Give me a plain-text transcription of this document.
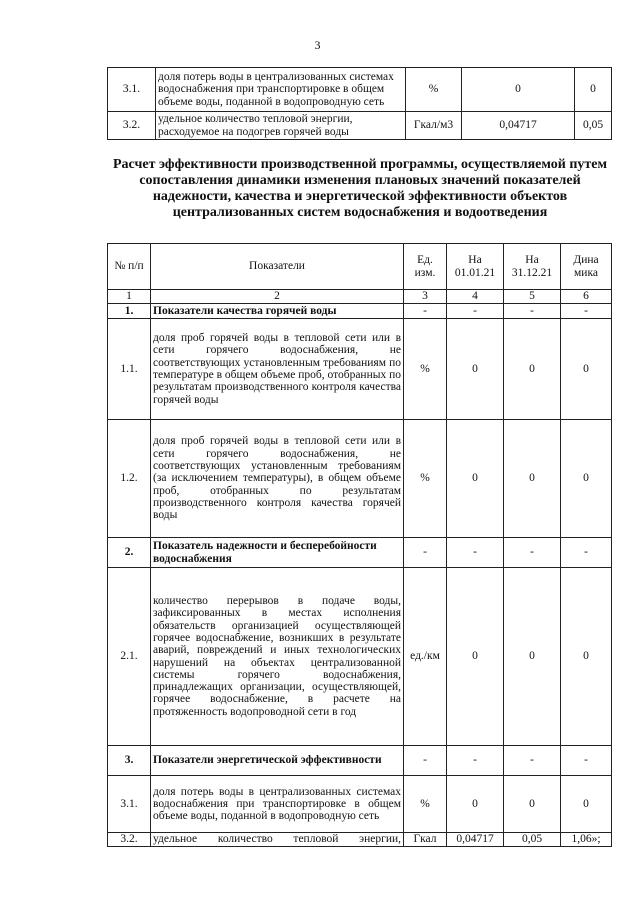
3
3.1.	доля потерь воды в централизованных системах водоснабжения при транспортировке в общем объеме воды, поданной в водопроводную сеть	%	0	0
3.2.	удельное количество тепловой энергии, расходуемое на подогрев горячей воды	Гкал/м3	0,04717	0,05
Расчет эффективности производственной программы, осуществляемой путем сопоставления динамики изменения плановых значений показателей надежности, качества и энергетической эффективности объектов централизованных систем водоснабжения и водоотведения
№ п/п	Показатели	Ед. изм.	На 01.01.21	На 31.12.21	Дина мика
1	2	3	4	5	6
1.	Показатели качества горячей воды	-	-	-	-
1.1.	доля проб горячей воды в тепловой сети или в сети горячего водоснабжения, не соответствующих установленным требованиям по температуре в общем объеме проб, отобранных по результатам производственного контроля качества горячей воды	%	0	0	0
1.2.	доля проб горячей воды в тепловой сети или в сети горячего водоснабжения, не соответствующих установленным требованиям (за исключением температуры), в общем объеме проб, отобранных по результатам производственного контроля качества горячей воды	%	0	0	0
2.	Показатель надежности и бесперебойности водоснабжения	-	-	-	-
2.1.	количество перерывов в подаче воды, зафиксированных в местах исполнения обязательств организацией осуществляющей горячее водоснабжение, возникших в результате аварий, повреждений и иных технологических нарушений на объектах централизованной системы горячего водоснабжения, принадлежащих организации, осуществляющей, горячее водоснабжение, в расчете на протяженность водопроводной сети в год	ед./км	0	0	0
3.	Показатели энергетической эффективности	-	-	-	-
3.1.	доля потерь воды в централизованных системах водоснабжения при транспортировке в общем объеме воды, поданной в водопроводную сеть	%	0	0	0
3.2.	удельное количество тепловой энергии,	Гкал	0,04717	0,05	1,06»;
